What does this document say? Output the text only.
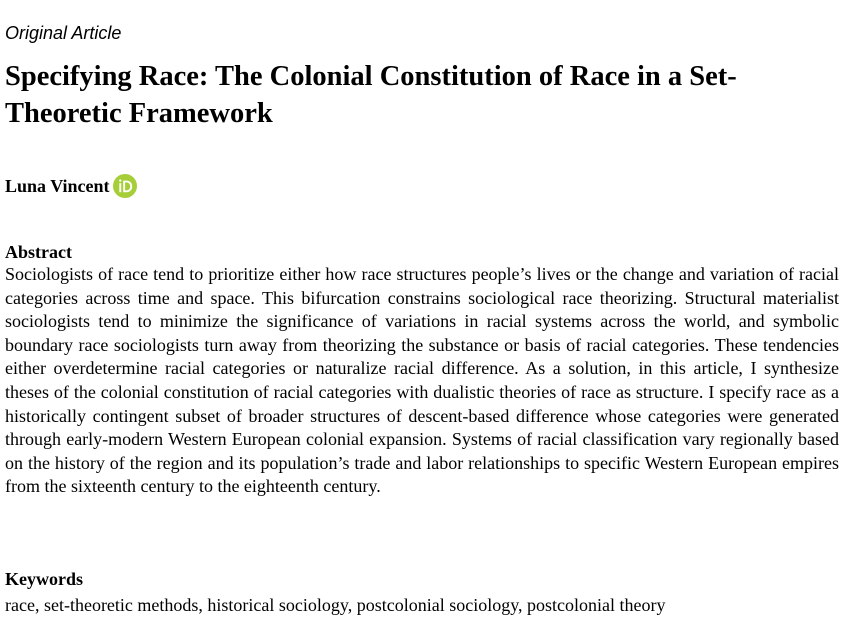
Original Article
Specifying Race: The Colonial Constitution of Race in a Set-Theoretic Framework
Luna Vincent
Abstract

Sociologists of race tend to prioritize either how race structures people’s lives or the change and variation of racial categories across time and space. This bifurcation constrains sociological race theorizing. Structural materialist sociologists tend to minimize the significance of variations in racial systems across the world, and symbolic boundary race sociologists turn away from theorizing the substance or basis of racial categories. These tendencies either overdetermine racial categories or naturalize racial difference. As a solution, in this article, I synthesize theses of the colonial constitution of racial categories with dualistic theories of race as structure. I specify race as a historically contingent subset of broader structures of descent-based difference whose categories were generated through early-modern Western European colonial expansion. Systems of racial classification vary regionally based on the history of the region and its population’s trade and labor relationships to specific Western European empires from the sixteenth century to the eighteenth century.

Keywords
race, set-theoretic methods, historical sociology, postcolonial sociology, postcolonial theory
